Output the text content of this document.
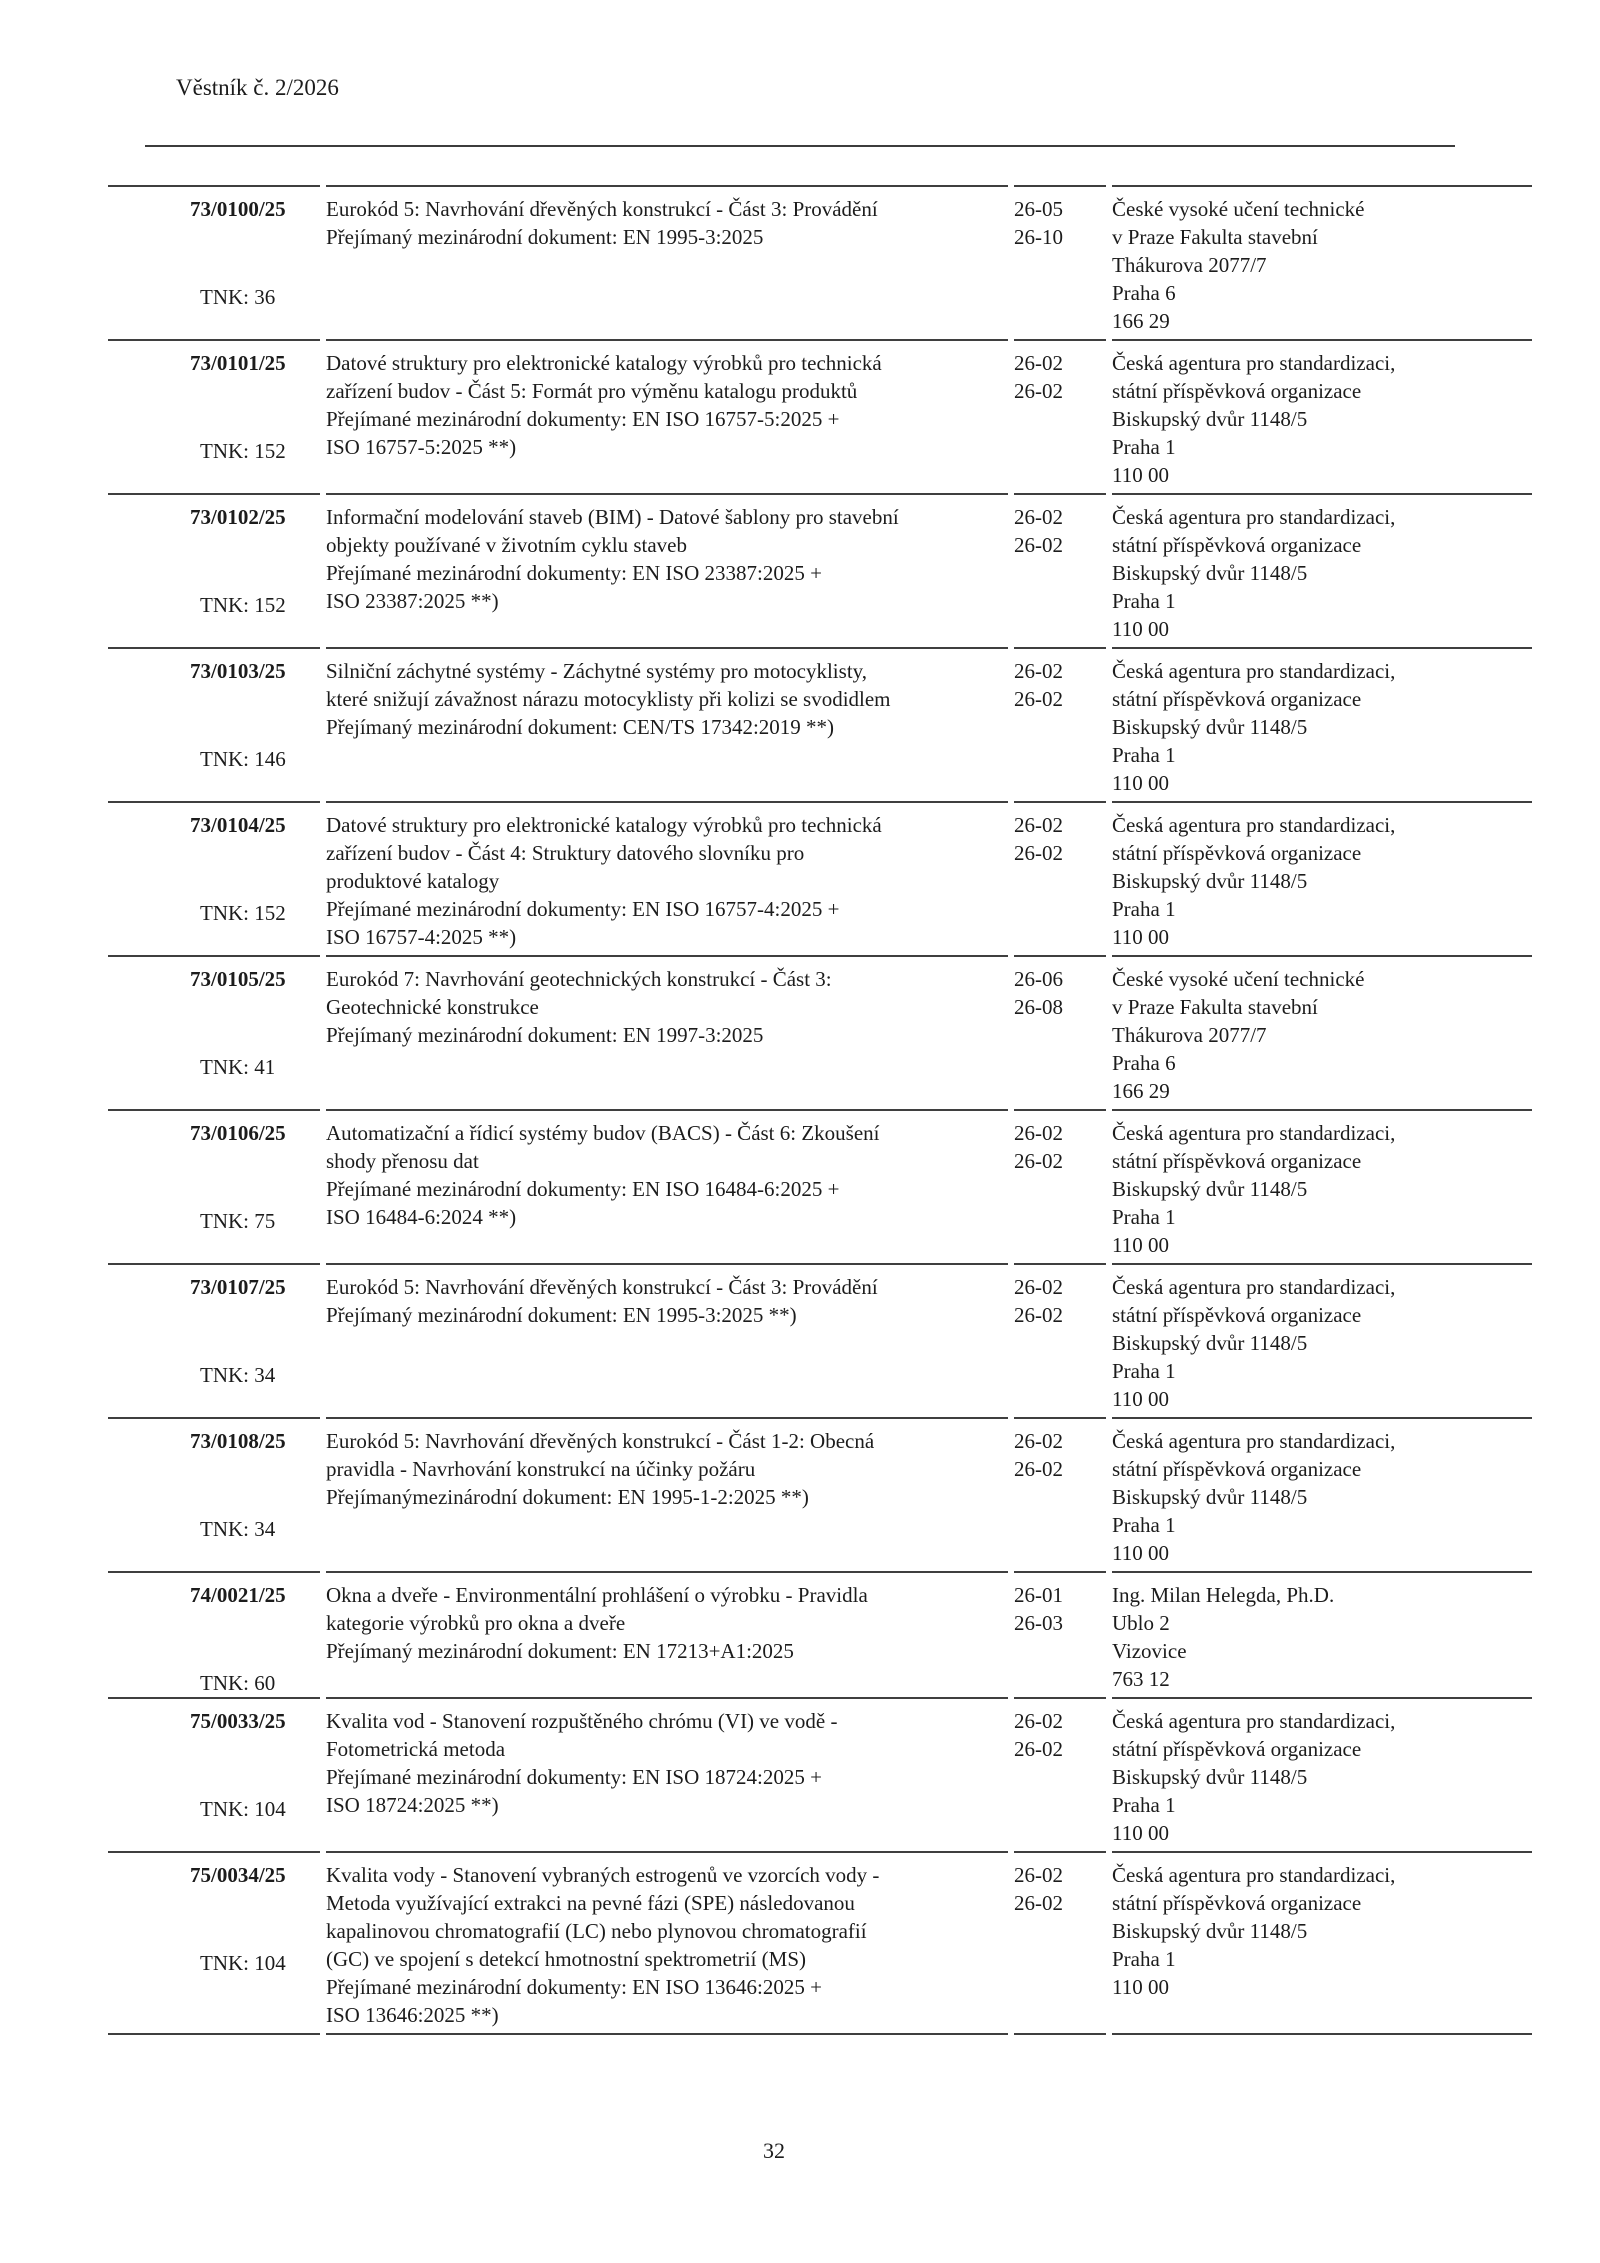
Věstník č. 2/2026
73/0100/25
TNK: 36
Eurokód 5: Navrhování dřevěných konstrukcí - Část 3: Provádění
Přejímaný mezinárodní dokument: EN 1995-3:2025
26-05
26-10
České vysoké učení technické
v Praze Fakulta stavební
Thákurova 2077/7
Praha 6
166 29
73/0101/25
TNK: 152
Datové struktury pro elektronické katalogy výrobků pro technická
zařízení budov - Část 5: Formát pro výměnu katalogu produktů
Přejímané mezinárodní dokumenty: EN ISO 16757-5:2025 +
ISO 16757-5:2025 **)
26-02
26-02
Česká agentura pro standardizaci,
státní příspěvková organizace
Biskupský dvůr 1148/5
Praha 1
110 00
73/0102/25
TNK: 152
Informační modelování staveb (BIM) - Datové šablony pro stavební
objekty používané v životním cyklu staveb
Přejímané mezinárodní dokumenty: EN ISO 23387:2025 +
ISO 23387:2025 **)
26-02
26-02
Česká agentura pro standardizaci,
státní příspěvková organizace
Biskupský dvůr 1148/5
Praha 1
110 00
73/0103/25
TNK: 146
Silniční záchytné systémy - Záchytné systémy pro motocyklisty,
které snižují závažnost nárazu motocyklisty při kolizi se svodidlem
Přejímaný mezinárodní dokument: CEN/TS 17342:2019 **)
26-02
26-02
Česká agentura pro standardizaci,
státní příspěvková organizace
Biskupský dvůr 1148/5
Praha 1
110 00
73/0104/25
TNK: 152
Datové struktury pro elektronické katalogy výrobků pro technická
zařízení budov - Část 4: Struktury datového slovníku pro
produktové katalogy
Přejímané mezinárodní dokumenty: EN ISO 16757-4:2025 +
ISO 16757-4:2025 **)
26-02
26-02
Česká agentura pro standardizaci,
státní příspěvková organizace
Biskupský dvůr 1148/5
Praha 1
110 00
73/0105/25
TNK: 41
Eurokód 7: Navrhování geotechnických konstrukcí - Část 3:
Geotechnické konstrukce
Přejímaný mezinárodní dokument: EN 1997-3:2025
26-06
26-08
České vysoké učení technické
v Praze Fakulta stavební
Thákurova 2077/7
Praha 6
166 29
73/0106/25
TNK: 75
Automatizační a řídicí systémy budov (BACS) - Část 6: Zkoušení
shody přenosu dat
Přejímané mezinárodní dokumenty: EN ISO 16484-6:2025 +
ISO 16484-6:2024 **)
26-02
26-02
Česká agentura pro standardizaci,
státní příspěvková organizace
Biskupský dvůr 1148/5
Praha 1
110 00
73/0107/25
TNK: 34
Eurokód 5: Navrhování dřevěných konstrukcí - Část 3: Provádění
Přejímaný mezinárodní dokument: EN 1995-3:2025 **)
26-02
26-02
Česká agentura pro standardizaci,
státní příspěvková organizace
Biskupský dvůr 1148/5
Praha 1
110 00
73/0108/25
TNK: 34
Eurokód 5: Navrhování dřevěných konstrukcí - Část 1-2: Obecná
pravidla - Navrhování konstrukcí na účinky požáru
Přejímanýmezinárodní dokument: EN 1995-1-2:2025 **)
26-02
26-02
Česká agentura pro standardizaci,
státní příspěvková organizace
Biskupský dvůr 1148/5
Praha 1
110 00
74/0021/25
TNK: 60
Okna a dveře - Environmentální prohlášení o výrobku - Pravidla
kategorie výrobků pro okna a dveře
Přejímaný mezinárodní dokument: EN 17213+A1:2025
26-01
26-03
Ing. Milan Helegda, Ph.D.
Ublo 2
Vizovice
763 12
75/0033/25
TNK: 104
Kvalita vod - Stanovení rozpuštěného chrómu (VI) ve vodě -
Fotometrická metoda
Přejímané mezinárodní dokumenty: EN ISO 18724:2025 +
ISO 18724:2025 **)
26-02
26-02
Česká agentura pro standardizaci,
státní příspěvková organizace
Biskupský dvůr 1148/5
Praha 1
110 00
75/0034/25
TNK: 104
Kvalita vody - Stanovení vybraných estrogenů ve vzorcích vody -
Metoda využívající extrakci na pevné fázi (SPE) následovanou
kapalinovou chromatografií (LC) nebo plynovou chromatografií
(GC) ve spojení s detekcí hmotnostní spektrometrií (MS)
Přejímané mezinárodní dokumenty: EN ISO 13646:2025 +
ISO 13646:2025 **)
26-02
26-02
Česká agentura pro standardizaci,
státní příspěvková organizace
Biskupský dvůr 1148/5
Praha 1
110 00
32
